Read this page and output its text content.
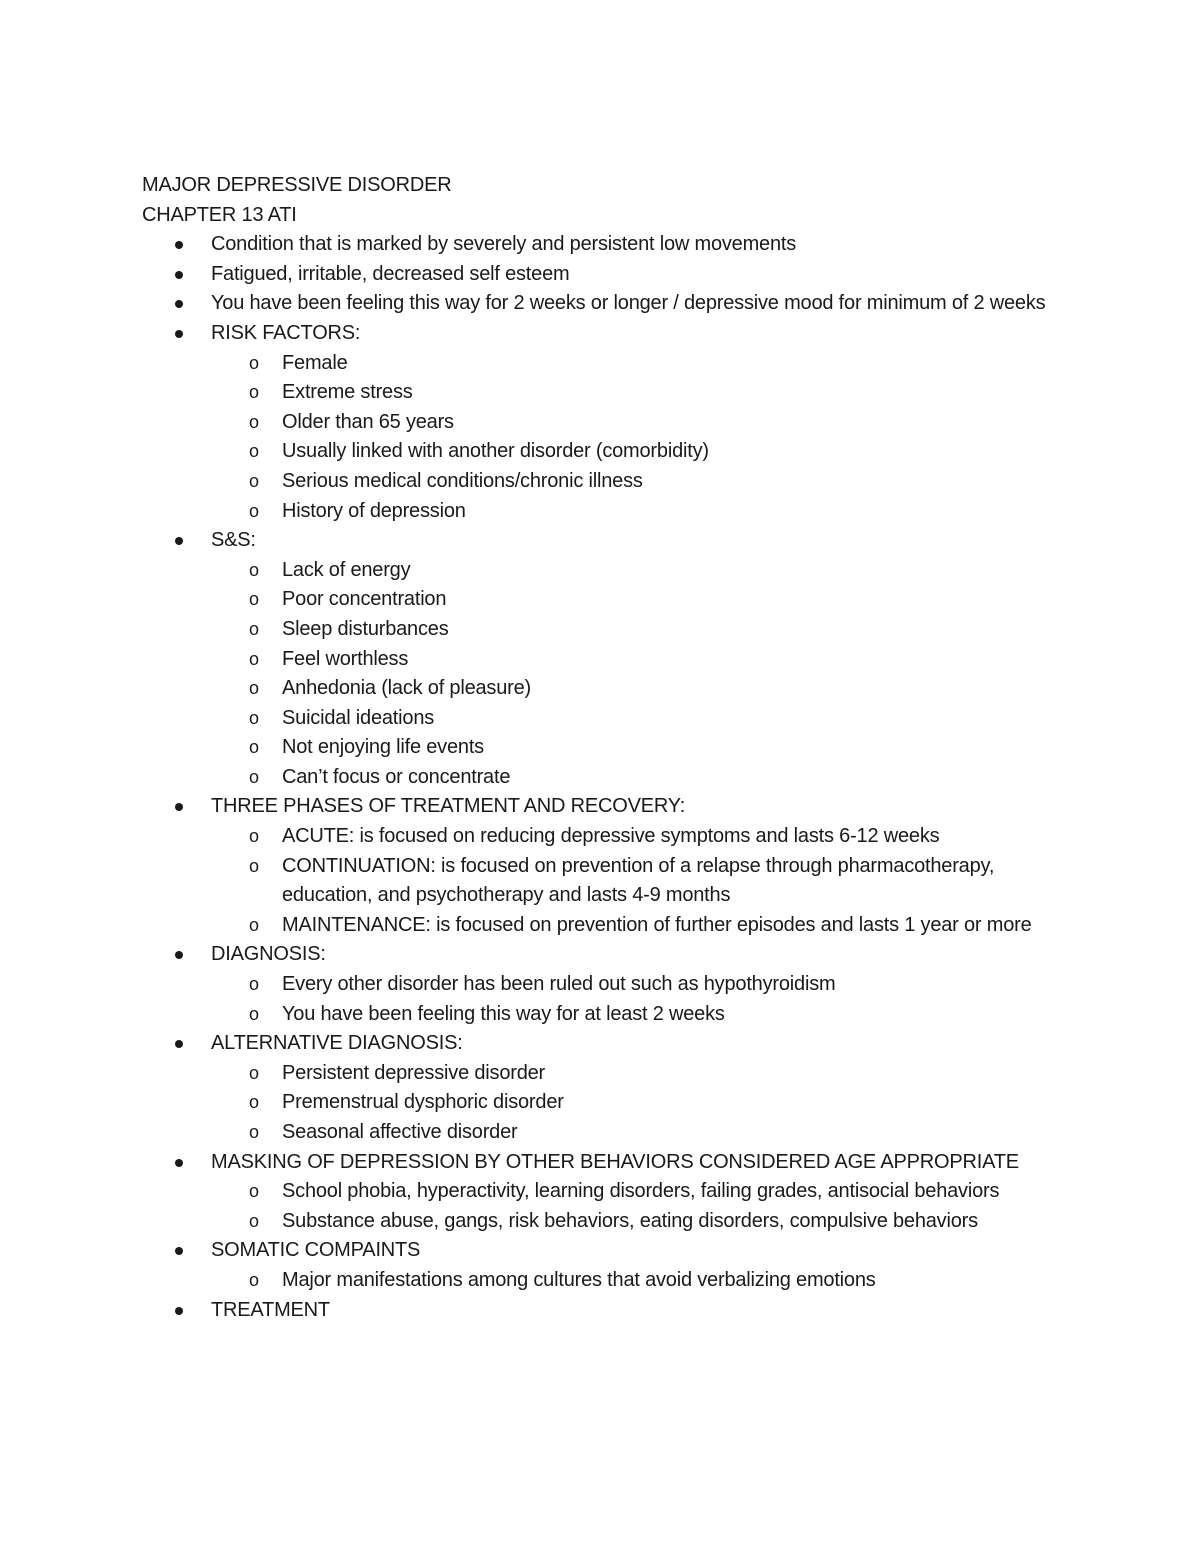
MAJOR DEPRESSIVE DISORDER

CHAPTER 13 ATI

Condition that is marked by severely and persistent low movements
Fatigued, irritable, decreased self esteem
You have been feeling this way for 2 weeks or longer / depressive mood for minimum of 2 weeks
RISK FACTORS:
o Female
o Extreme stress
o Older than 65 years
o Usually linked with another disorder (comorbidity)
o Serious medical conditions/chronic illness
o History of depression
S&S:
o Lack of energy
o Poor concentration
o Sleep disturbances
o Feel worthless
o Anhedonia (lack of pleasure)
o Suicidal ideations
o Not enjoying life events
o Can’t focus or concentrate
THREE PHASES OF TREATMENT AND RECOVERY:
o ACUTE: is focused on reducing depressive symptoms and lasts 6-12 weeks
o CONTINUATION: is focused on prevention of a relapse through pharmacotherapy, education, and psychotherapy and lasts 4-9 months
o MAINTENANCE: is focused on prevention of further episodes and lasts 1 year or more
DIAGNOSIS:
o Every other disorder has been ruled out such as hypothyroidism
o You have been feeling this way for at least 2 weeks
ALTERNATIVE DIAGNOSIS:
o Persistent depressive disorder
o Premenstrual dysphoric disorder
o Seasonal affective disorder
MASKING OF DEPRESSION BY OTHER BEHAVIORS CONSIDERED AGE APPROPRIATE
o School phobia, hyperactivity, learning disorders, failing grades, antisocial behaviors
o Substance abuse, gangs, risk behaviors, eating disorders, compulsive behaviors
SOMATIC COMPAINTS
o Major manifestations among cultures that avoid verbalizing emotions
TREATMENT
